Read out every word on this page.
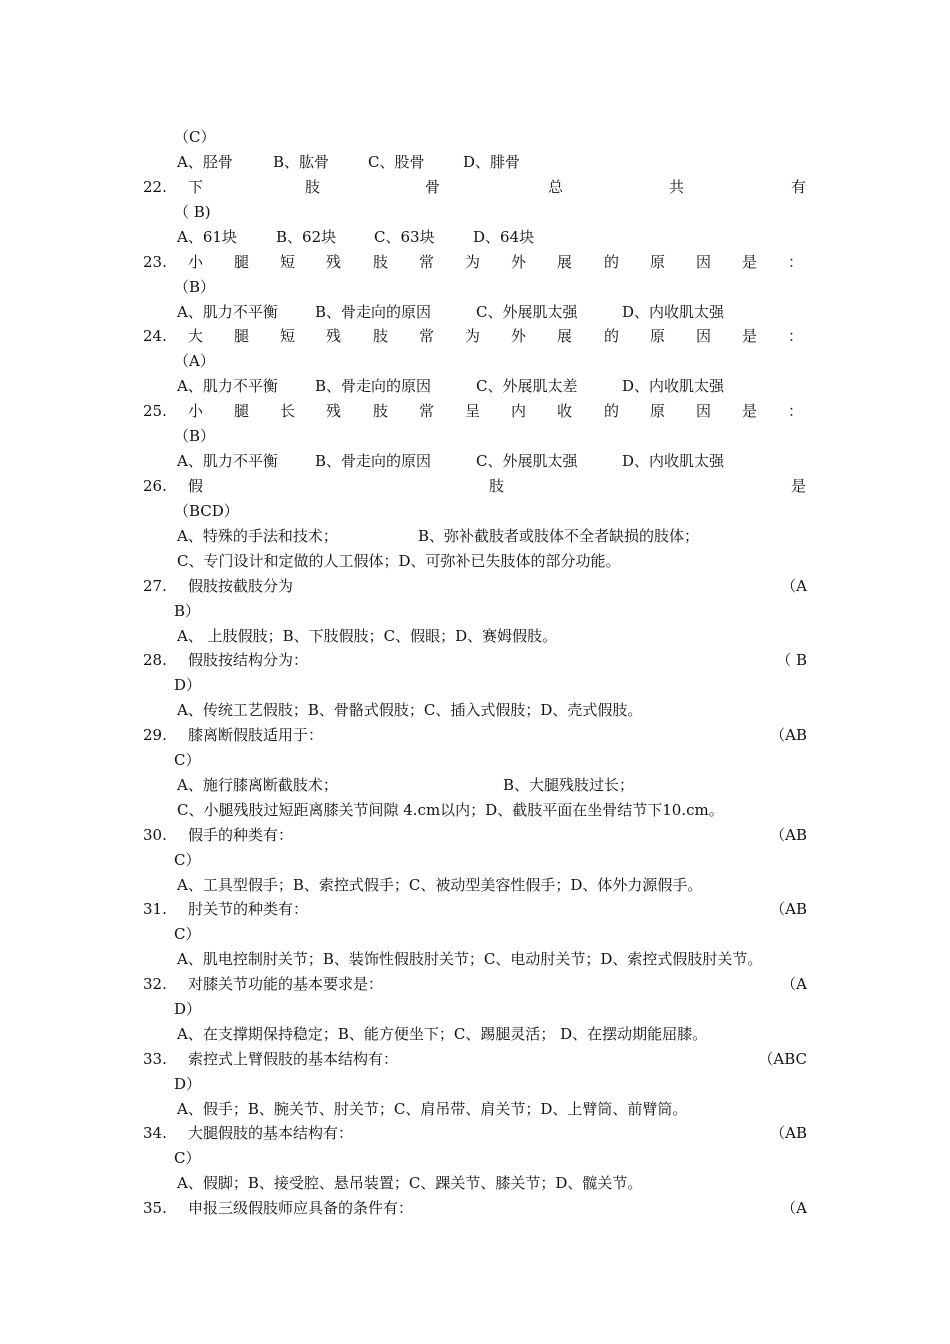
（C）
A、胫骨	B、肱骨	C、股骨	D、腓骨
22. 下	肢	骨	总	共	有
（ B)
A、61块	B、62块	C、63块	D、64块
23. 小 腿 短 残 肢 常 为 外 展 的 原 因 是 ：
（B）
A、肌力不平衡 B、骨走向的原因	C、外展肌太强	D、内收肌太强
24. 大 腿 短 残 肢 常 为 外 展 的 原 因 是 ：
（A）
A、肌力不平衡 B、骨走向的原因	C、外展肌太差	D、内收肌太强
25. 小 腿 长 残 肢 常 呈 内 收 的 原 因 是 ：
（B）
A、肌力不平衡 B、骨走向的原因	C、外展肌太强	D、内收肌太强
26. 假	肢	是
（BCD）
A、特殊的手法和技术；	B、弥补截肢者或肢体不全者缺损的肢体；
C、专门设计和定做的人工假体；D、可弥补已失肢体的部分功能。
27. 假肢按截肢分为	（A
B）
A、 上肢假肢；B、下肢假肢；C、假眼；D、赛姆假肢。
28. 假肢按结构分为：	（ B
D）
A、传统工艺假肢；B、骨骼式假肢；C、插入式假肢；D、壳式假肢。
29. 膝离断假肢适用于：	（AB
C）
A、施行膝离断截肢术；	B、大腿残肢过长；
C、小腿残肢过短距离膝关节间隙 4.cm以内；D、截肢平面在坐骨结节下10.cm。
30. 假手的种类有：	（AB
C）
A、工具型假手；B、索控式假手；C、被动型美容性假手；D、体外力源假手。
31. 肘关节的种类有：	（AB
C）
A、肌电控制肘关节；B、装饰性假肢肘关节；C、电动肘关节；D、索控式假肢肘关节。
32. 对膝关节功能的基本要求是：	（A
D）
A、在支撑期保持稳定；B、能方便坐下；C、踢腿灵活； D、在摆动期能屈膝。
33. 索控式上臂假肢的基本结构有：	（ABC
D）
A、假手；B、腕关节、肘关节；C、肩吊带、肩关节；D、上臂筒、前臂筒。
34. 大腿假肢的基本结构有：	（AB
C）
A、假脚；B、接受腔、悬吊装置；C、踝关节、膝关节；D、髋关节。
35. 申报三级假肢师应具备的条件有：	（A
